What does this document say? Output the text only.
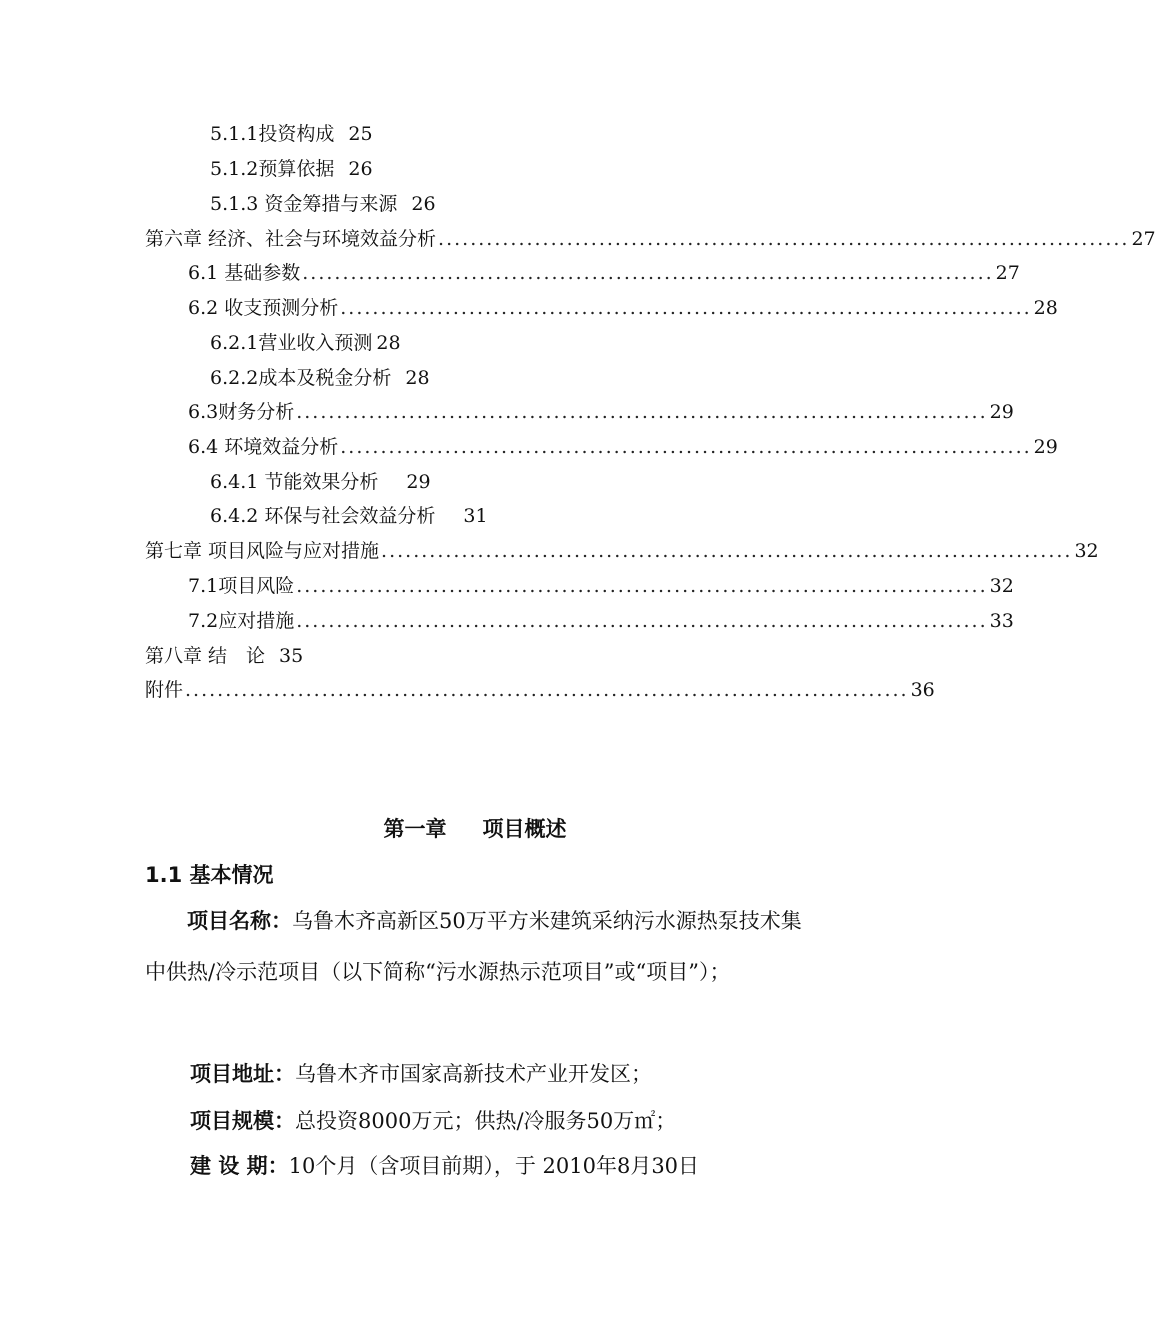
5.1.1投资构成 25
5.1.2预算依据 26
5.1.3 资金筹措与来源 26
第六章 经济、社会与环境效益分析 ...................................................................................... 27
6.1 基础参数 ...................................................................................... 27
6.2 收支预测分析 ...................................................................................... 28
6.2.1营业收入预测 28
6.2.2成本及税金分析 28
6.3财务分析 ...................................................................................... 29
6.4 环境效益分析 ...................................................................................... 29
6.4.1 节能效果分析 29
6.4.2 环保与社会效益分析 31
第七章 项目风险与应对措施 ...................................................................................... 32
7.1项目风险 ...................................................................................... 32
7.2应对措施 ...................................................................................... 33
第八章 结　论 35
附件 .......................................................................................... 36
第一章 项目概述
1.1 基本情况
项目名称：乌鲁木齐高新区50万平方米建筑采纳污水源热泵技术集中供热/冷示范项目（以下简称“污水源热示范项目”或“项目”）；
项目地址：乌鲁木齐市国家高新技术产业开发区；
项目规模：总投资8000万元；供热/冷服务50万㎡；
建 设 期：10个月（含项目前期），于 2010年8月30日
